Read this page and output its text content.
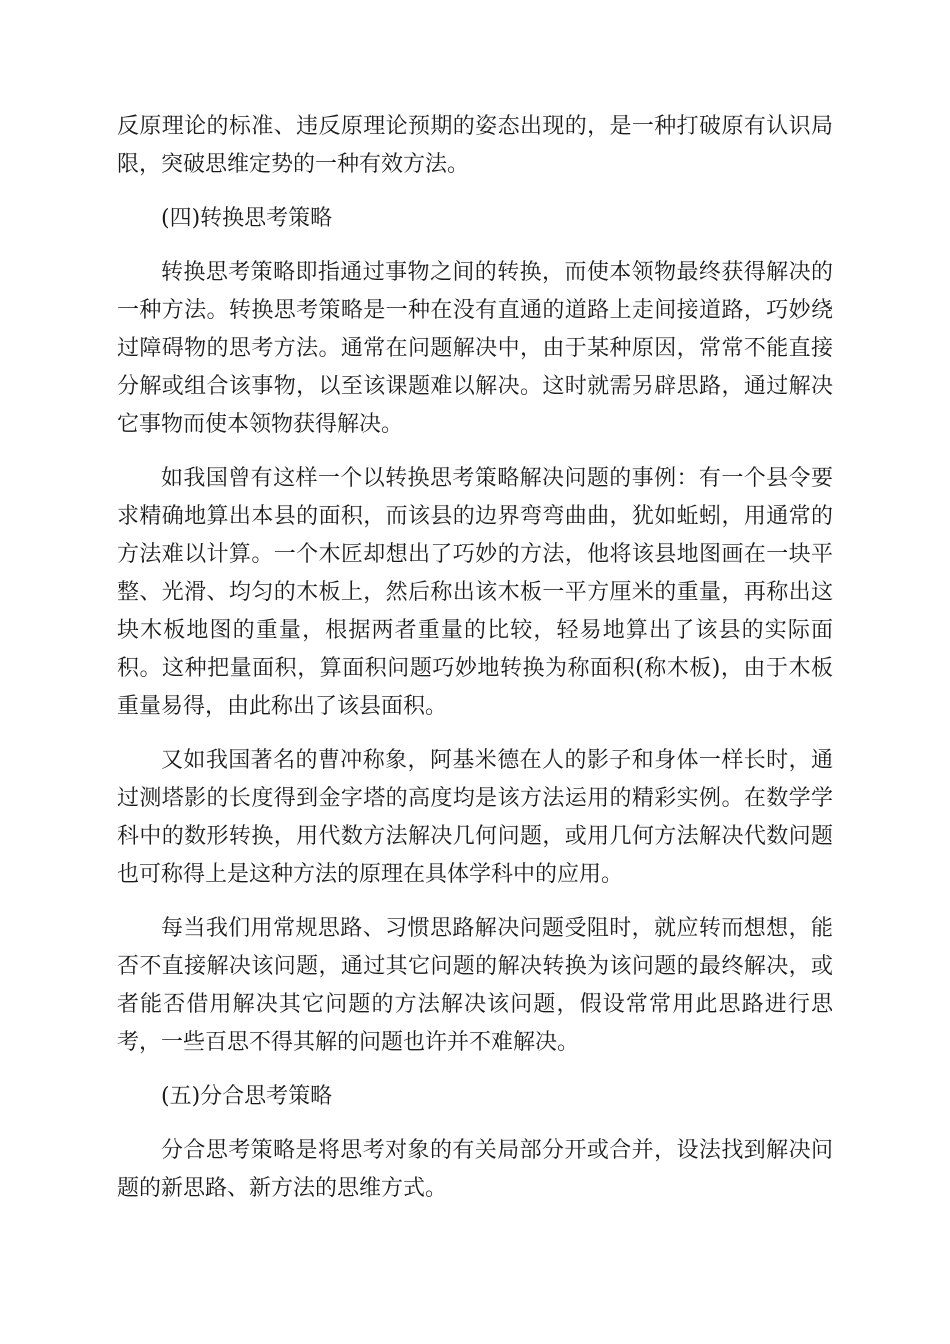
反原理论的标准、违反原理论预期的姿态出现的，是一种打破原有认识局限，突破思维定势的一种有效方法。

(四)转换思考策略

转换思考策略即指通过事物之间的转换，而使本领物最终获得解决的一种方法。转换思考策略是一种在没有直通的道路上走间接道路，巧妙绕过障碍物的思考方法。通常在问题解决中，由于某种原因，常常不能直接分解或组合该事物，以至该课题难以解决。这时就需另辟思路，通过解决它事物而使本领物获得解决。

如我国曾有这样一个以转换思考策略解决问题的事例：有一个县令要求精确地算出本县的面积，而该县的边界弯弯曲曲，犹如蚯蚓，用通常的方法难以计算。一个木匠却想出了巧妙的方法，他将该县地图画在一块平整、光滑、均匀的木板上，然后称出该木板一平方厘米的重量，再称出这块木板地图的重量，根据两者重量的比较，轻易地算出了该县的实际面积。这种把量面积，算面积问题巧妙地转换为称面积(称木板)，由于木板重量易得，由此称出了该县面积。

又如我国著名的曹冲称象，阿基米德在人的影子和身体一样长时，通过测塔影的长度得到金字塔的高度均是该方法运用的精彩实例。在数学学科中的数形转换，用代数方法解决几何问题，或用几何方法解决代数问题也可称得上是这种方法的原理在具体学科中的应用。

每当我们用常规思路、习惯思路解决问题受阻时，就应转而想想，能否不直接解决该问题，通过其它问题的解决转换为该问题的最终解决，或者能否借用解决其它问题的方法解决该问题，假设常常用此思路进行思考，一些百思不得其解的问题也许并不难解决。

(五)分合思考策略

分合思考策略是将思考对象的有关局部分开或合并，设法找到解决问题的新思路、新方法的思维方式。
